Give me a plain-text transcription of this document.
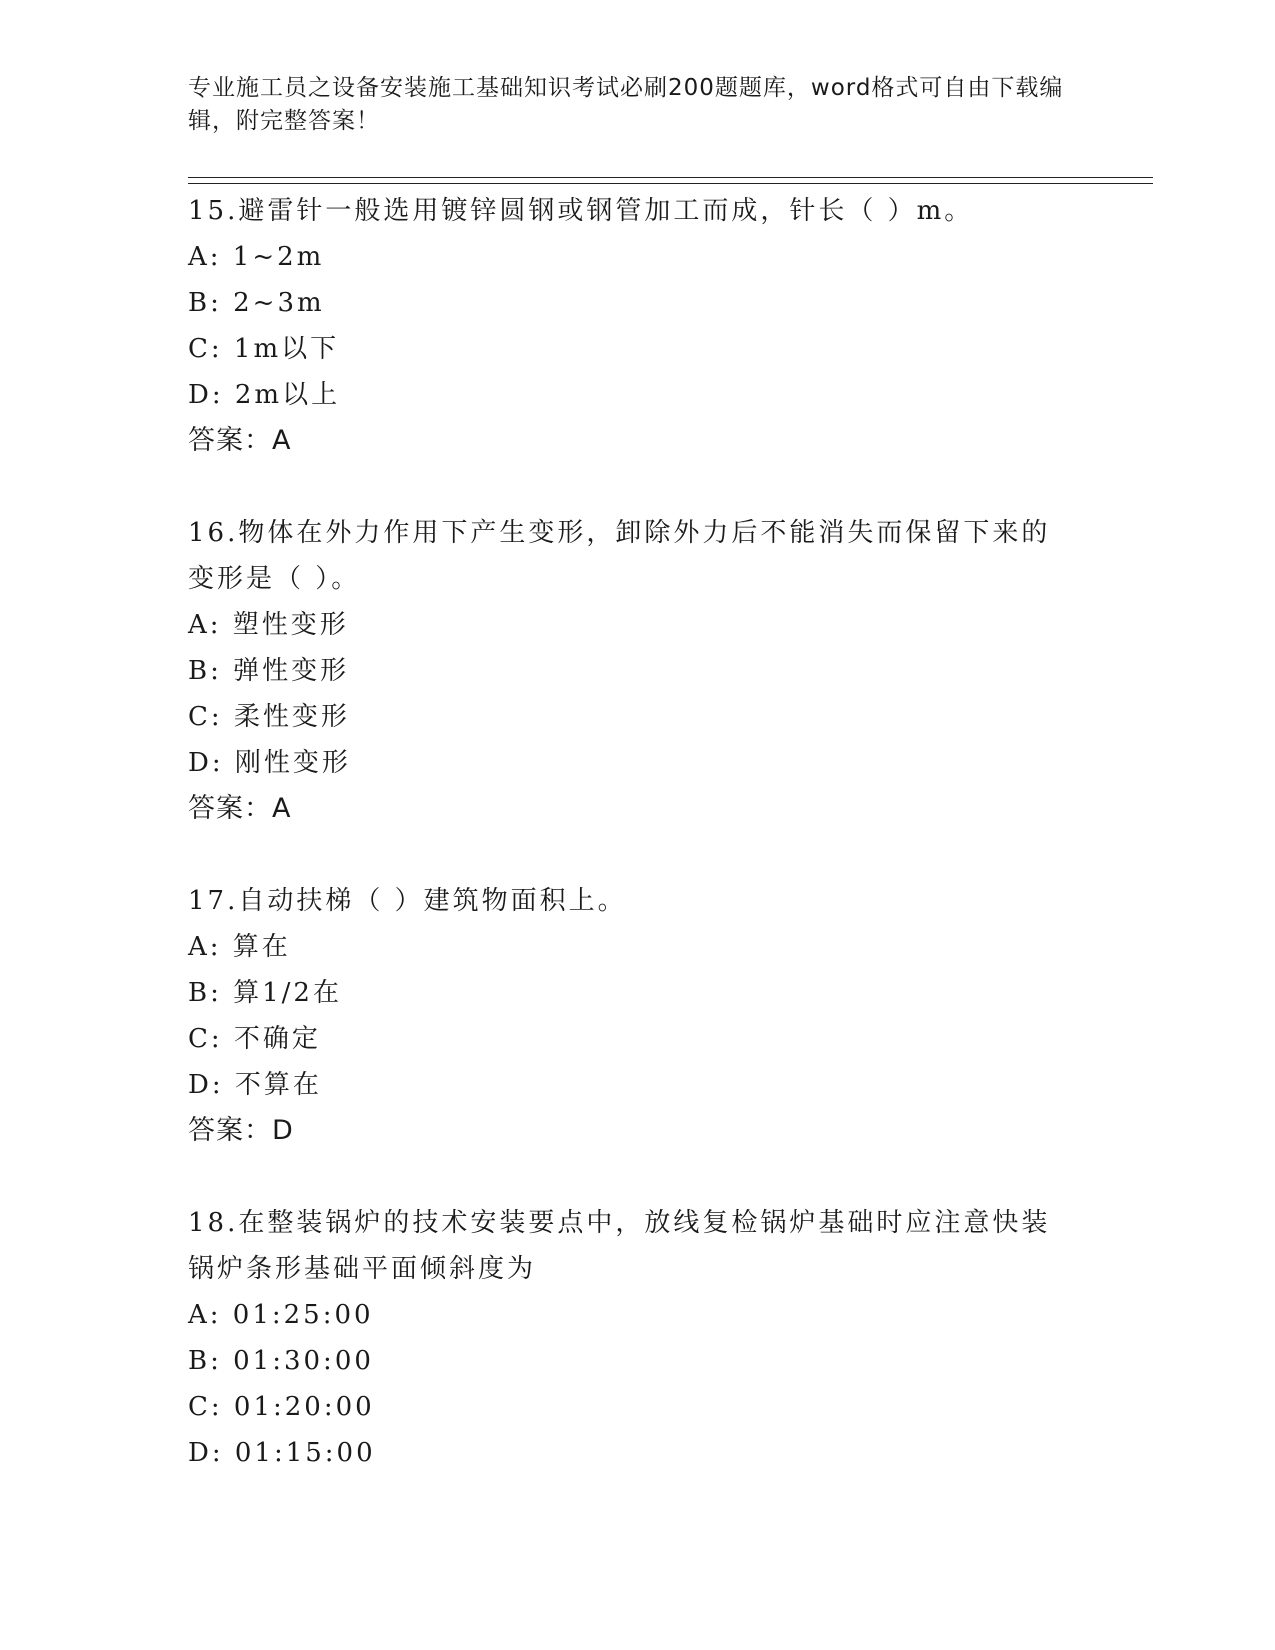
专业施工员之设备安装施工基础知识考试必刷200题题库，word格式可自由下载编辑，附完整答案！
15.避雷针一般选用镀锌圆钢或钢管加工而成，针长（ ）m。
A: 1~2m
B: 2~3m
C: 1m以下
D: 2m以上
答案：A
16.物体在外力作用下产生变形，卸除外力后不能消失而保留下来的变形是（ ）。
A: 塑性变形
B: 弹性变形
C: 柔性变形
D: 刚性变形
答案：A
17.自动扶梯（ ）建筑物面积上。
A: 算在
B: 算1/2在
C: 不确定
D: 不算在
答案：D
18.在整装锅炉的技术安装要点中，放线复检锅炉基础时应注意快装锅炉条形基础平面倾斜度为
A: 01:25:00
B: 01:30:00
C: 01:20:00
D: 01:15:00
